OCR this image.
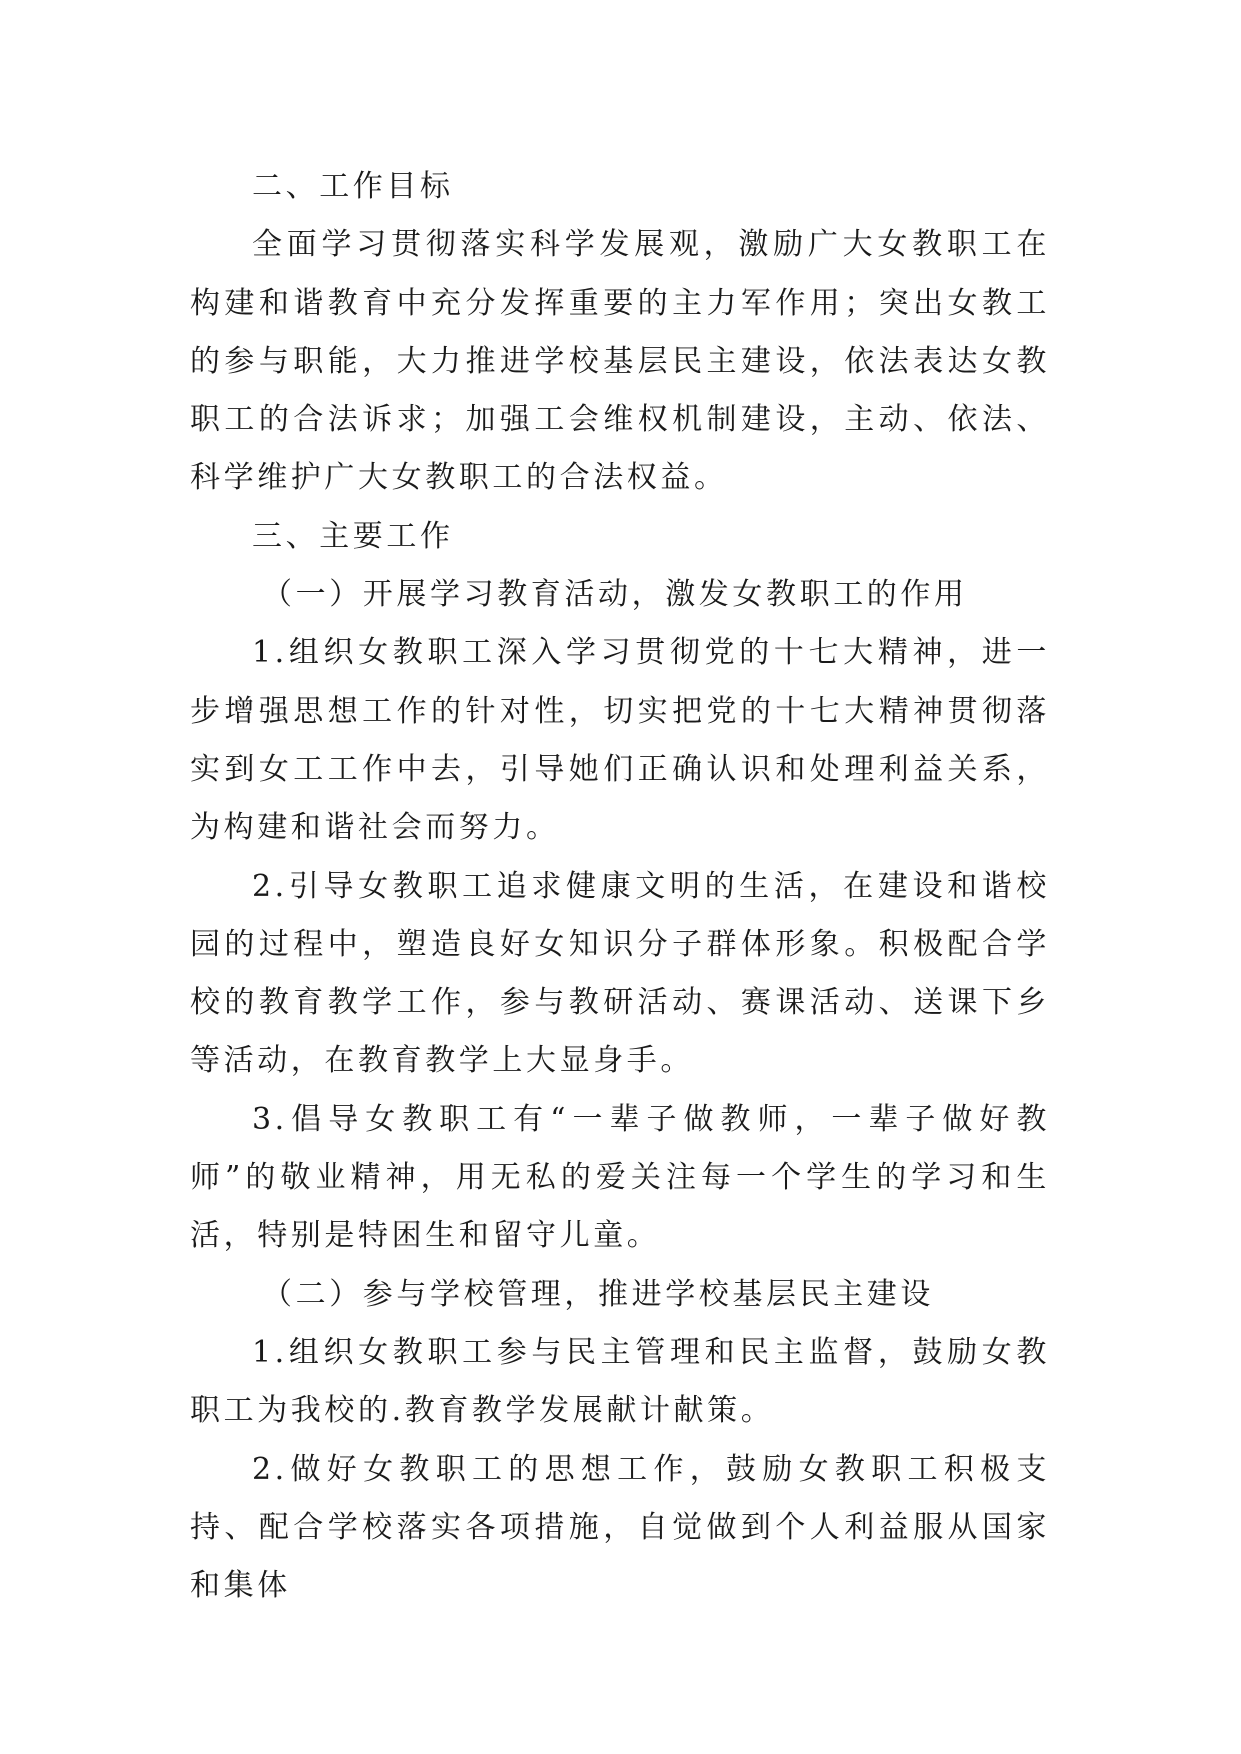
二、工作目标

全面学习贯彻落实科学发展观，激励广大女教职工在构建和谐教育中充分发挥重要的主力军作用；突出女教工的参与职能，大力推进学校基层民主建设，依法表达女教职工的合法诉求；加强工会维权机制建设，主动、依法、科学维护广大女教职工的合法权益。

三、主要工作

（一）开展学习教育活动，激发女教职工的作用

1.组织女教职工深入学习贯彻党的十七大精神，进一步增强思想工作的针对性，切实把党的十七大精神贯彻落实到女工工作中去，引导她们正确认识和处理利益关系，为构建和谐社会而努力。

2.引导女教职工追求健康文明的生活，在建设和谐校园的过程中，塑造良好女知识分子群体形象。积极配合学校的教育教学工作，参与教研活动、赛课活动、送课下乡等活动，在教育教学上大显身手。

3.倡导女教职工有“一辈子做教师，一辈子做好教师”的敬业精神，用无私的爱关注每一个学生的学习和生活，特别是特困生和留守儿童。

（二）参与学校管理，推进学校基层民主建设

1.组织女教职工参与民主管理和民主监督，鼓励女教职工为我校的.教育教学发展献计献策。

2.做好女教职工的思想工作，鼓励女教职工积极支持、配合学校落实各项措施，自觉做到个人利益服从国家和集体
